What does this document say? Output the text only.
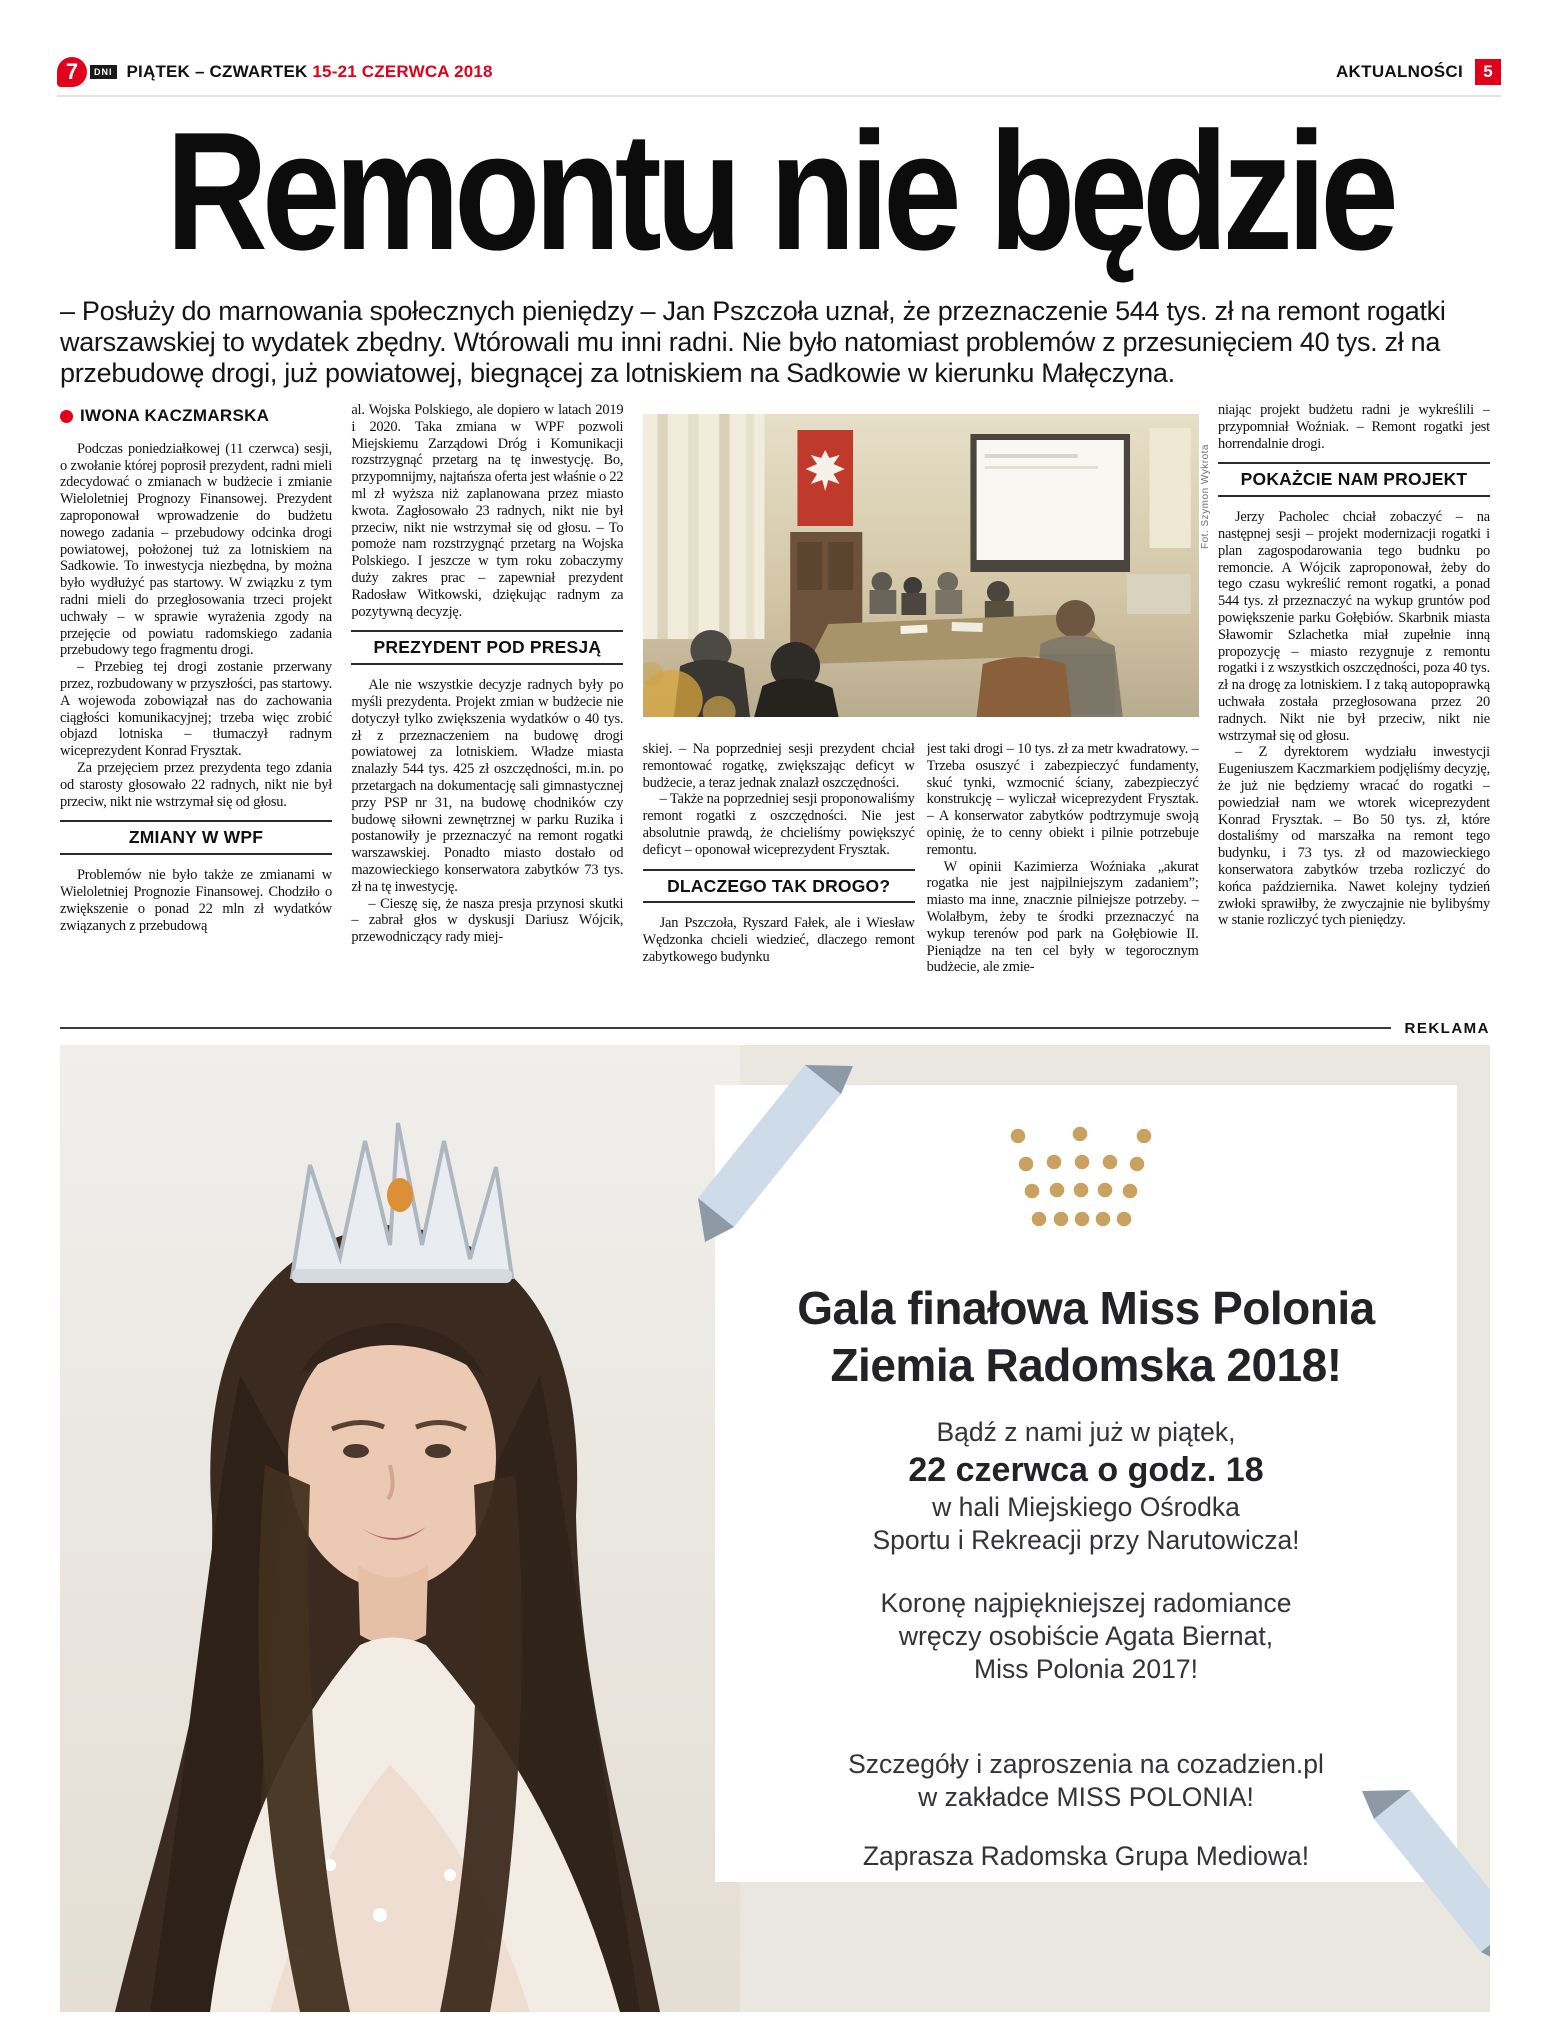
7	DNI PIĄTEK – CZWARTEK 15-21 CZERWCA 2018	AKTUALNOŚCI	5
Remontu nie będzie
– Posłuży do marnowania społecznych pieniędzy – Jan Pszczoła uznał, że przeznaczenie 544 tys. zł na remont rogatki warszawskiej to wydatek zbędny. Wtórowali mu inni radni. Nie było natomiast problemów z przesunięciem 40 tys. zł na przebudowę drogi, już powiatowej, biegnącej za lotniskiem na Sadkowie w kierunku Małęczyna.
IWONA KACZMARSKA

Podczas poniedziałkowej (11 czerwca) sesji, o zwołanie której poprosił prezydent, radni mieli zdecydować o zmianach w budżecie i zmianie Wieloletniej Prognozy Finansowej. Prezydent zaproponował wprowadzenie do budżetu nowego zadania – przebudowy odcinka drogi powiatowej, położonej tuż za lotniskiem na Sadkowie. To inwestycja niezbędna, by można było wydłużyć pas startowy. W związku z tym radni mieli do przegłosowania trzeci projekt uchwały – w sprawie wyrażenia zgody na przejęcie od powiatu radomskiego zadania przebudowy tego fragmentu drogi.

– Przebieg tej drogi zostanie przerwany przez, rozbudowany w przyszłości, pas startowy. A wojewoda zobowiązał nas do zachowania ciągłości komunikacyjnej; trzeba więc zrobić objazd lotniska – tłumaczył radnym wiceprezydent Konrad Frysztak.

Za przejęciem przez prezydenta tego zdania od starosty głosowało 22 radnych, nikt nie był przeciw, nikt nie wstrzymał się od głosu.

ZMIANY W WPF

Problemów nie było także ze zmianami w Wieloletniej Prognozie Finansowej. Chodziło o zwiększenie o ponad 22 mln zł wydatków związanych z przebudową

al. Wojska Polskiego, ale dopiero w latach 2019 i 2020. Taka zmiana w WPF pozwoli Miejskiemu Zarządowi Dróg i Komunikacji rozstrzygnąć przetarg na tę inwestycję. Bo, przypomnijmy, najtańsza oferta jest właśnie o 22 ml zł wyższa niż zaplanowana przez miasto kwota. Zagłosowało 23 radnych, nikt nie był przeciw, nikt nie wstrzymał się od głosu. – To pomoże nam rozstrzygnąć przetarg na Wojska Polskiego. I jeszcze w tym roku zobaczymy duży zakres prac – zapewniał prezydent Radosław Witkowski, dziękując radnym za pozytywną decyzję.

PREZYDENT POD PRESJĄ

Ale nie wszystkie decyzje radnych były po myśli prezydenta. Projekt zmian w budżecie nie dotyczył tylko zwiększenia wydatków o 40 tys. zł z przeznaczeniem na budowę drogi powiatowej za lotniskiem. Władze miasta znalazły 544 tys. 425 zł oszczędności, m.in. po przetargach na dokumentację sali gimnastycznej przy PSP nr 31, na budowę chodników czy budowę siłowni zewnętrznej w parku Ruzika i postanowiły je przeznaczyć na remont rogatki warszawskiej. Ponadto miasto dostało od mazowieckiego konserwatora zabytków 73 tys. zł na tę inwestycję.

– Cieszę się, że nasza presja przynosi skutki – zabrał głos w dyskusji Dariusz Wójcik, przewodniczący rady miej-

Fot. Szymon Wykrota

skiej. – Na poprzedniej sesji prezydent chciał remontować rogatkę, zwiększając deficyt w budżecie, a teraz jednak znalazł oszczędności.

– Także na poprzedniej sesji proponowaliśmy remont rogatki z oszczędności. Nie jest absolutnie prawdą, że chcieliśmy powiększyć deficyt – oponował wiceprezydent Frysztak.

DLACZEGO TAK DROGO?

Jan Pszczoła, Ryszard Fałek, ale i Wiesław Wędzonka chcieli wiedzieć, dlaczego remont zabytkowego budynku

jest taki drogi – 10 tys. zł za metr kwadratowy. – Trzeba osuszyć i zabezpieczyć fundamenty, skuć tynki, wzmocnić ściany, zabezpieczyć konstrukcję – wyliczał wiceprezydent Frysztak. – A konserwator zabytków podtrzymuje swoją opinię, że to cenny obiekt i pilnie potrzebuje remontu.

W opinii Kazimierza Woźniaka „akurat rogatka nie jest najpilniejszym zadaniem”; miasto ma inne, znacznie pilniejsze potrzeby. – Wolałbym, żeby te środki przeznaczyć na wykup terenów pod park na Gołębiowie II. Pieniądze na ten cel były w tegorocznym budżecie, ale zmie-

niając projekt budżetu radni je wykreślili – przypomniał Woźniak. – Remont rogatki jest horrendalnie drogi.

POKAŻCIE NAM PROJEKT

Jerzy Pacholec chciał zobaczyć – na następnej sesji – projekt modernizacji rogatki i plan zagospodarowania tego budnku po remoncie. A Wójcik zaproponował, żeby do tego czasu wykreślić remont rogatki, a ponad 544 tys. zł przeznaczyć na wykup gruntów pod powiększenie parku Gołębiów. Skarbnik miasta Sławomir Szlachetka miał zupełnie inną propozycję – miasto rezygnuje z remontu rogatki i z wszystkich oszczędności, poza 40 tys. zł na drogę za lotniskiem. I z taką autopoprawką uchwała została przegłosowana przez 20 radnych. Nikt nie był przeciw, nikt nie wstrzymał się od głosu.

– Z dyrektorem wydziału inwestycji Eugeniuszem Kaczmarkiem podjęliśmy decyzję, że już nie będziemy wracać do rogatki – powiedział nam we wtorek wiceprezydent Konrad Frysztak. – Bo 50 tys. zł, które dostaliśmy od marszałka na remont tego budynku, i 73 tys. zł od mazowieckiego konserwatora zabytków trzeba rozliczyć do końca października. Nawet kolejny tydzień zwłoki sprawiłby, że zwyczajnie nie bylibyśmy w stanie rozliczyć tych pieniędzy.

REKLAMA
Gala finałowa Miss Polonia
Ziemia Radomska 2018!
Bądź z nami już w piątek,
22 czerwca o godz. 18
w hali Miejskiego Ośrodka
Sportu i Rekreacji przy Narutowicza!
Koronę najpiękniejszej radomiance
wręczy osobiście Agata Biernat,
Miss Polonia 2017!
Szczegóły i zaproszenia na cozadzien.pl
w zakładce MISS POLONIA!
Zaprasza Radomska Grupa Mediowa!
